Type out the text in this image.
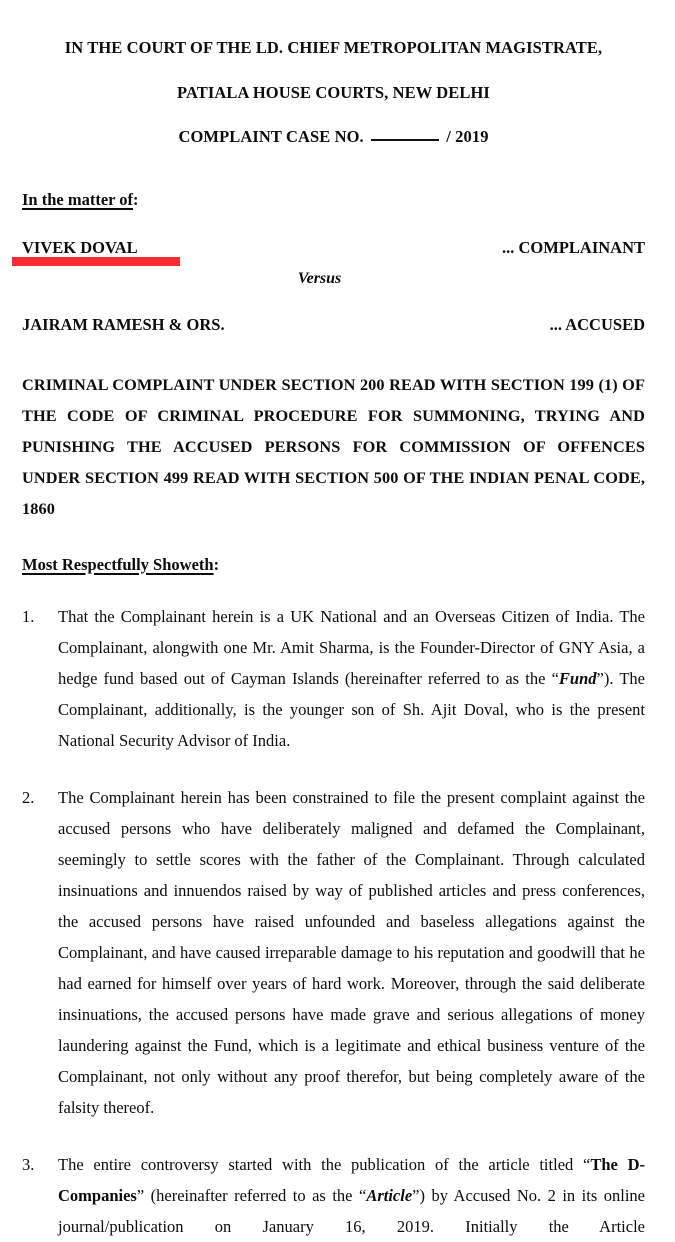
IN THE COURT OF THE LD. CHIEF METROPOLITAN MAGISTRATE,
PATIALA HOUSE COURTS, NEW DELHI
COMPLAINT CASE NO.	/ 2019
In the matter of:
VIVEK DOVAL	... COMPLAINANT
Versus
JAIRAM RAMESH & ORS.	... ACCUSED
CRIMINAL COMPLAINT UNDER SECTION 200 READ WITH SECTION 199 (1) OF THE CODE OF CRIMINAL PROCEDURE FOR SUMMONING, TRYING AND PUNISHING THE ACCUSED PERSONS FOR COMMISSION OF OFFENCES UNDER SECTION 499 READ WITH SECTION 500 OF THE INDIAN PENAL CODE, 1860
Most Respectfully Showeth:
1.	That the Complainant herein is a UK National and an Overseas Citizen of India. The Complainant, alongwith one Mr. Amit Sharma, is the Founder-Director of GNY Asia, a hedge fund based out of Cayman Islands (hereinafter referred to as the “Fund”). The Complainant, additionally, is the younger son of Sh. Ajit Doval, who is the present National Security Advisor of India.
2.	The Complainant herein has been constrained to file the present complaint against the accused persons who have deliberately maligned and defamed the Complainant, seemingly to settle scores with the father of the Complainant. Through calculated insinuations and innuendos raised by way of published articles and press conferences, the accused persons have raised unfounded and baseless allegations against the Complainant, and have caused irreparable damage to his reputation and goodwill that he had earned for himself over years of hard work. Moreover, through the said deliberate insinuations, the accused persons have made grave and serious allegations of money laundering against the Fund, which is a legitimate and ethical business venture of the Complainant, not only without any proof therefor, but being completely aware of the falsity thereof.
3.	The entire controversy started with the publication of the article titled “The D-Companies” (hereinafter referred to as the “Article”) by Accused No. 2 in its online journal/publication on January 16, 2019. Initially the Article
